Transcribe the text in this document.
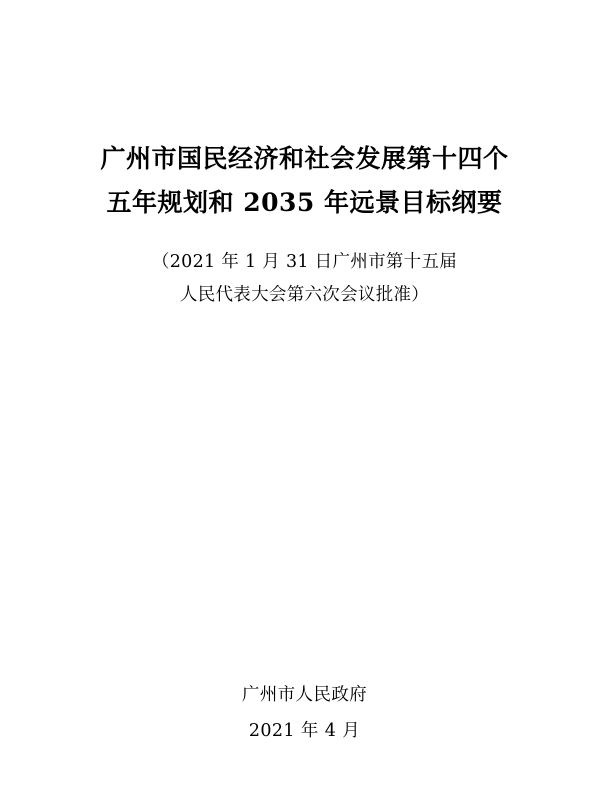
广州市国民经济和社会发展第十四个
五年规划和 2035 年远景目标纲要
（2021 年 1 月 31 日广州市第十五届
人民代表大会第六次会议批准）
广州市人民政府
2021 年 4 月
